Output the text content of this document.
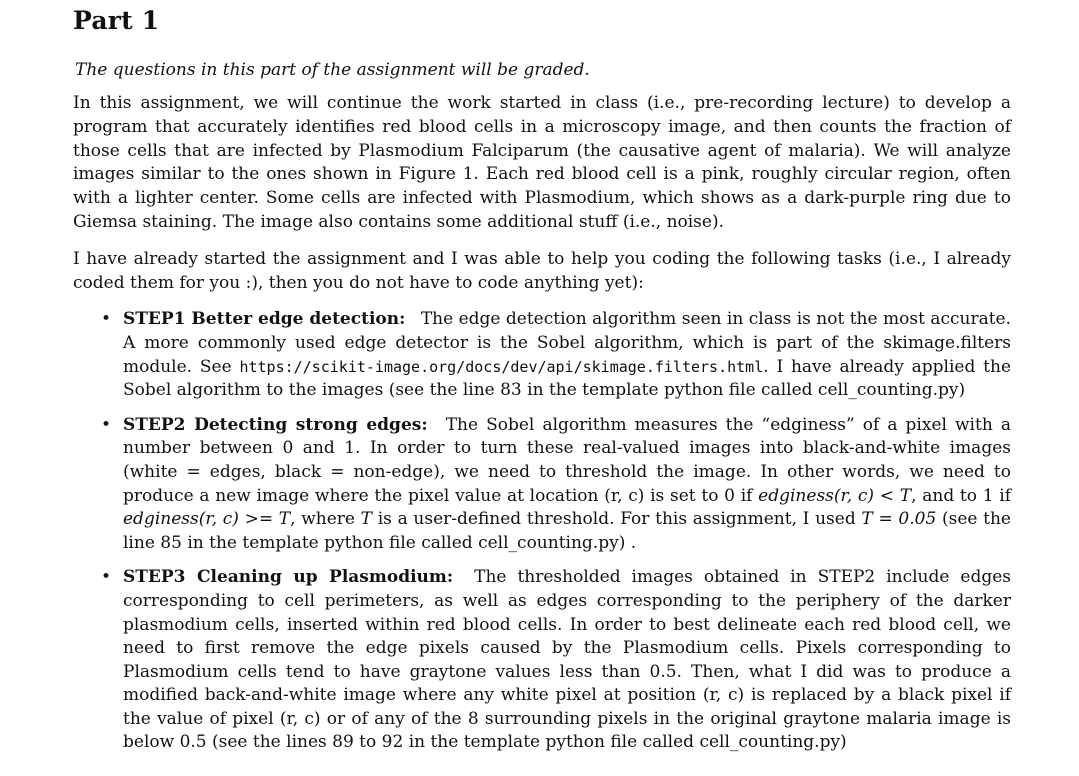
Part 1
The questions in this part of the assignment will be graded.

In this assignment, we will continue the work started in class (i.e., pre-recording lecture) to develop a program that accurately identifies red blood cells in a microscopy image, and then counts the fraction of those cells that are infected by Plasmodium Falciparum (the causative agent of malaria). We will analyze images similar to the ones shown in Figure 1. Each red blood cell is a pink, roughly circular region, often with a lighter center. Some cells are infected with Plasmodium, which shows as a dark-purple ring due to Giemsa staining. The image also contains some additional stuff (i.e., noise).

I have already started the assignment and I was able to help you coding the following tasks (i.e., I already coded them for you :), then you do not have to code anything yet):

• STEP1 Better edge detection: The edge detection algorithm seen in class is not the most accurate. A more commonly used edge detector is the Sobel algorithm, which is part of the skimage.filters module. See https://scikit-image.org/docs/dev/api/skimage.filters.html. I have already applied the Sobel algorithm to the images (see the line 83 in the template python file called cell_counting.py)
• STEP2 Detecting strong edges: The Sobel algorithm measures the “edginess” of a pixel with a number between 0 and 1. In order to turn these real-valued images into black-and-white images (white = edges, black = non-edge), we need to threshold the image. In other words, we need to produce a new image where the pixel value at location (r, c) is set to 0 if edginess(r, c) < T, and to 1 if edginess(r, c) >= T, where T is a user-defined threshold. For this assignment, I used T = 0.05 (see the line 85 in the template python file called cell_counting.py) .
• STEP3 Cleaning up Plasmodium: The thresholded images obtained in STEP2 include edges corresponding to cell perimeters, as well as edges corresponding to the periphery of the darker plasmodium cells, inserted within red blood cells. In order to best delineate each red blood cell, we need to first remove the edge pixels caused by the Plasmodium cells. Pixels corresponding to Plasmodium cells tend to have graytone values less than 0.5. Then, what I did was to produce a modified back-and-white image where any white pixel at position (r, c) is replaced by a black pixel if the value of pixel (r, c) or of any of the 8 surrounding pixels in the original graytone malaria image is below 0.5 (see the lines 89 to 92 in the template python file called cell_counting.py)
